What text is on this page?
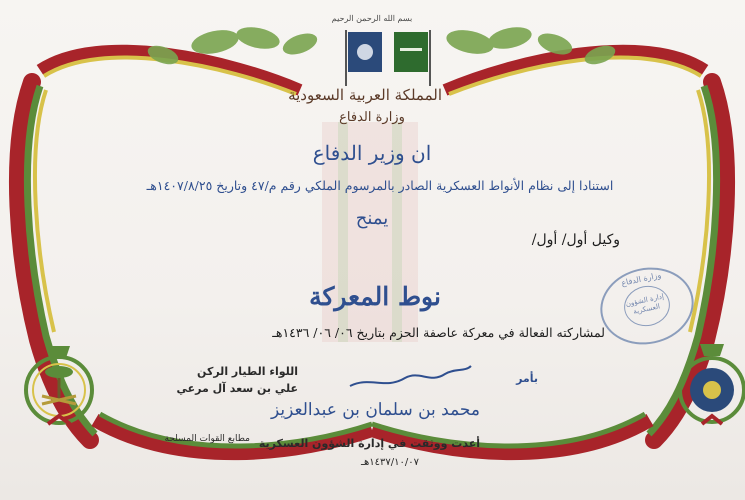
بسم الله الرحمن الرحيم
المملكة العربية السعودية
وزارة الدفاع
ان وزير الدفاع
استنادا إلى نظام الأنواط العسكرية الصادر بالمرسوم الملكي رقم م/٤٧ وتاريخ ١٤٠٧/٨/٢٥هـ
يمنح
وكيل أول/ أول/
نوط المعركة
لمشاركته الفعالة في معركة عاصفة الحزم بتاريخ ٠٦/ ٠٦/ ١٤٣٦هـ
اللواء الطيار الركن
علي بن سعد آل مرعي
بأمر
محمد بن سلمان بن عبدالعزيز
أعدت ووثقت في إدارة الشؤون العسكرية
١٤٣٧/١٠/٠٧هـ
مطابع القوات المسلحة
وزارة الدفاع
إدارة الشؤون العسكرية
